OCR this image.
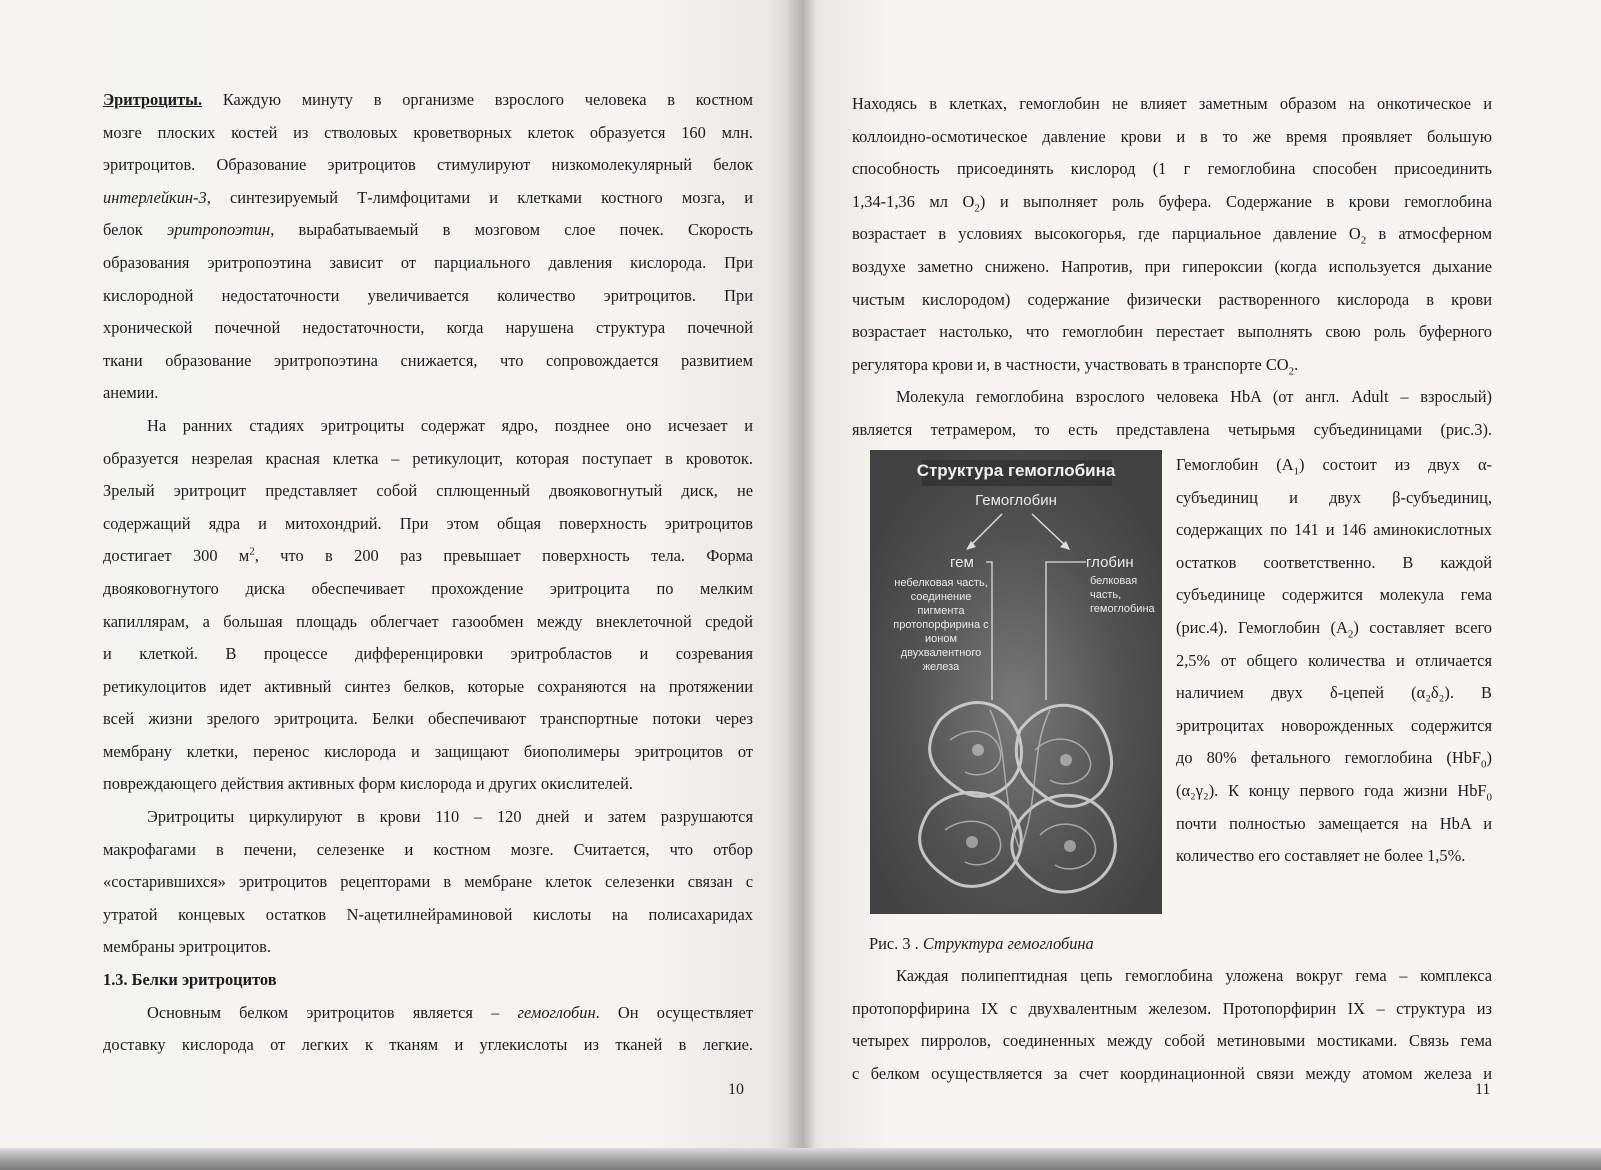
Эритроциты. Каждую минуту в организме взрослого человека в костном
мозге плоских костей из стволовых кроветворных клеток образуется 160 млн.
эритроцитов. Образование эритроцитов стимулируют низкомолекулярный белок
интерлейкин-3, синтезируемый Т-лимфоцитами и клетками костного мозга, и
белок эритропоэтин, вырабатываемый в мозговом слое почек. Скорость
образования эритропоэтина зависит от парциального давления кислорода. При
кислородной недостаточности увеличивается количество эритроцитов. При
хронической почечной недостаточности, когда нарушена структура почечной
ткани образование эритропоэтина снижается, что сопровождается развитием
анемии.
На ранних стадиях эритроциты содержат ядро, позднее оно исчезает и
образуется незрелая красная клетка – ретикулоцит, которая поступает в кровоток.
Зрелый эритроцит представляет собой сплющенный двояковогнутый диск, не
содержащий ядра и митохондрий. При этом общая поверхность эритроцитов
достигает 300 $м^2$, что в 200 раз превышает поверхность тела. Форма
двояковогнутого диска обеспечивает прохождение эритроцита по мелким
капиллярам, а большая площадь облегчает газообмен между внеклеточной средой
и клеткой. В процессе дифференцировки эритробластов и созревания
ретикулоцитов идет активный синтез белков, которые сохраняются на протяжении
всей жизни зрелого эритроцита. Белки обеспечивают транспортные потоки через
мембрану клетки, перенос кислорода и защищают биополимеры эритроцитов от
повреждающего действия активных форм кислорода и других окислителей.
Эритроциты циркулируют в крови 110 – 120 дней и затем разрушаются
макрофагами в печени, селезенке и костном мозге. Считается, что отбор
«состарившихся» эритроцитов рецепторами в мембране клеток селезенки связан с
утратой концевых остатков N-ацетилнейраминовой кислоты на полисахаридах
мембраны эритроцитов.
1.3. Белки эритроцитов
Основным белком эритроцитов является – гемоглобин. Он осуществляет
доставку кислорода от легких к тканям и углекислоты из тканей в легкие.
10
Находясь в клетках, гемоглобин не влияет заметным образом на онкотическое и
коллоидно-осмотическое давление крови и в то же время проявляет большую
способность присоединять кислород (1 г гемоглобина способен присоединить
1,34-1,36 мл $O_2$) и выполняет роль буфера. Содержание в крови гемоглобина
возрастает в условиях высокогорья, где парциальное давление $O_2$ в атмосферном
воздухе заметно снижено. Напротив, при гипероксии (когда используется дыхание
чистым кислородом) содержание физически растворенного кислорода в крови
возрастает настолько, что гемоглобин перестает выполнять свою роль буферного
регулятора крови и, в частности, участвовать в транспорте $CO_2$.
Молекула гемоглобина взрослого человека HbA (от англ. Adult – взрослый)
является тетрамером, то есть представлена четырьмя субъединицами (рис.3).
Структура гемоглобина
Гемоглобин
гем	глобин
небелковая часть, соединение пигмента протопорфирина с ионом двухвалентного железа
белковая часть, гемоглобина
Гемоглобин $(A_1)$ состоит из двух α-
субъединиц и двух β-субъединиц,
содержащих по 141 и 146 аминокислотных
остатков соответственно. В каждой
субъединице содержится молекула гема
(рис.4). Гемоглобин $(A_2)$ составляет всего
2,5% от общего количества и отличается
наличием двух δ-цепей (α₂δ₂). В
эритроцитах новорожденных содержится
до 80% фетального гемоглобина (HbF$_0$)
(α₂γ₂). К концу первого года жизни HbF$_0$
почти полностью замещается на HbA и
количество его составляет не более 1,5%.
Рис. 3 . Структура гемоглобина
Каждая полипептидная цепь гемоглобина уложена вокруг гема – комплекса
протопорфирина IX с двухвалентным железом. Протопорфирин IX – структура из
четырех пирролов, соединенных между собой метиновыми мостиками. Связь гема
с белком осуществляется за счет координационной связи между атомом железа и
11
